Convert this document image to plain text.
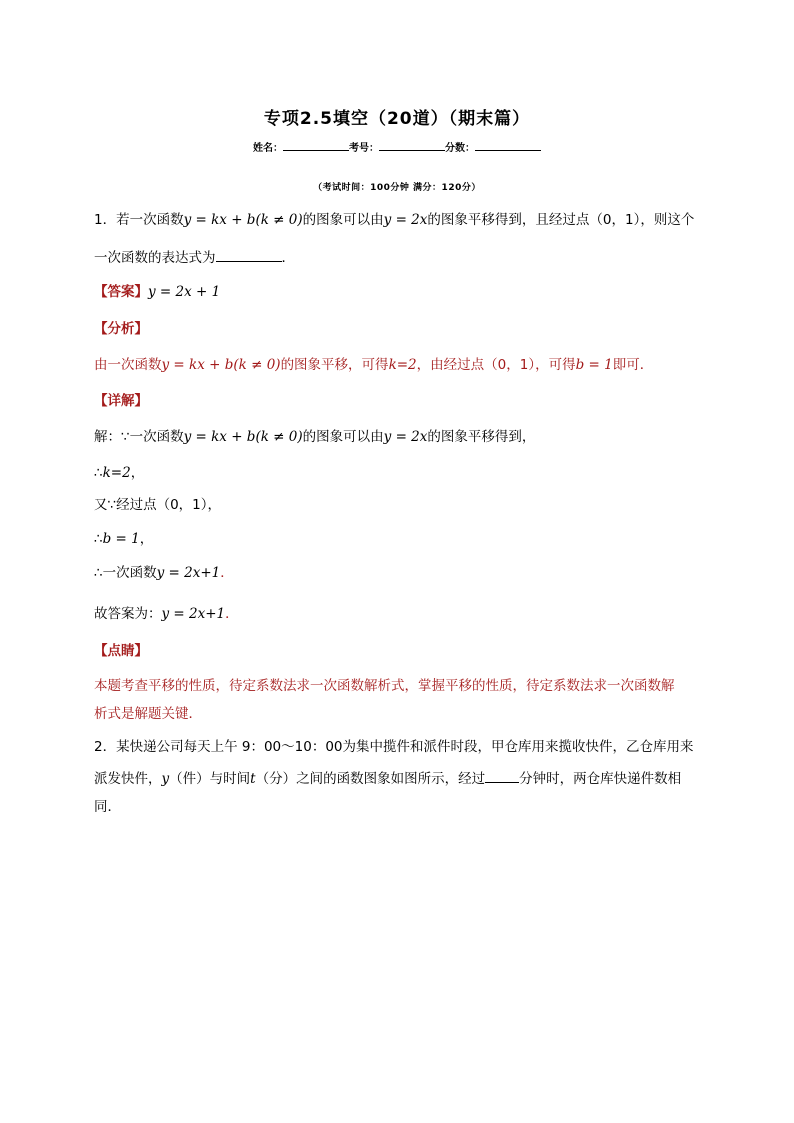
专项2.5填空（20道）（期末篇）
姓名：	考号：	分数：
（考试时间：100分钟 满分：120分）
1．若一次函数y = kx + b(k ≠ 0)的图象可以由y = 2x的图象平移得到，且经过点（0，1），则这个
一次函数的表达式为	．
【答案】y = 2x + 1
【分析】
由一次函数y = kx + b(k ≠ 0)的图象平移，可得k=2，由经过点（0，1），可得b = 1即可．
【详解】
解：∵一次函数y = kx + b(k ≠ 0)的图象可以由y = 2x的图象平移得到，
∴k=2，
又∵经过点（0，1），
∴b = 1，
∴一次函数y = 2x+1．
故答案为：y = 2x+1．
【点睛】
本题考查平移的性质，待定系数法求一次函数解析式，掌握平移的性质，待定系数法求一次函数解
析式是解题关键．
2．某快递公司每天上午 9：00～10：00为集中揽件和派件时段，甲仓库用来揽收快件，乙仓库用来
派发快件，y（件）与时间t（分）之间的函数图象如图所示，经过	分钟时，两仓库快递件数相
同．
